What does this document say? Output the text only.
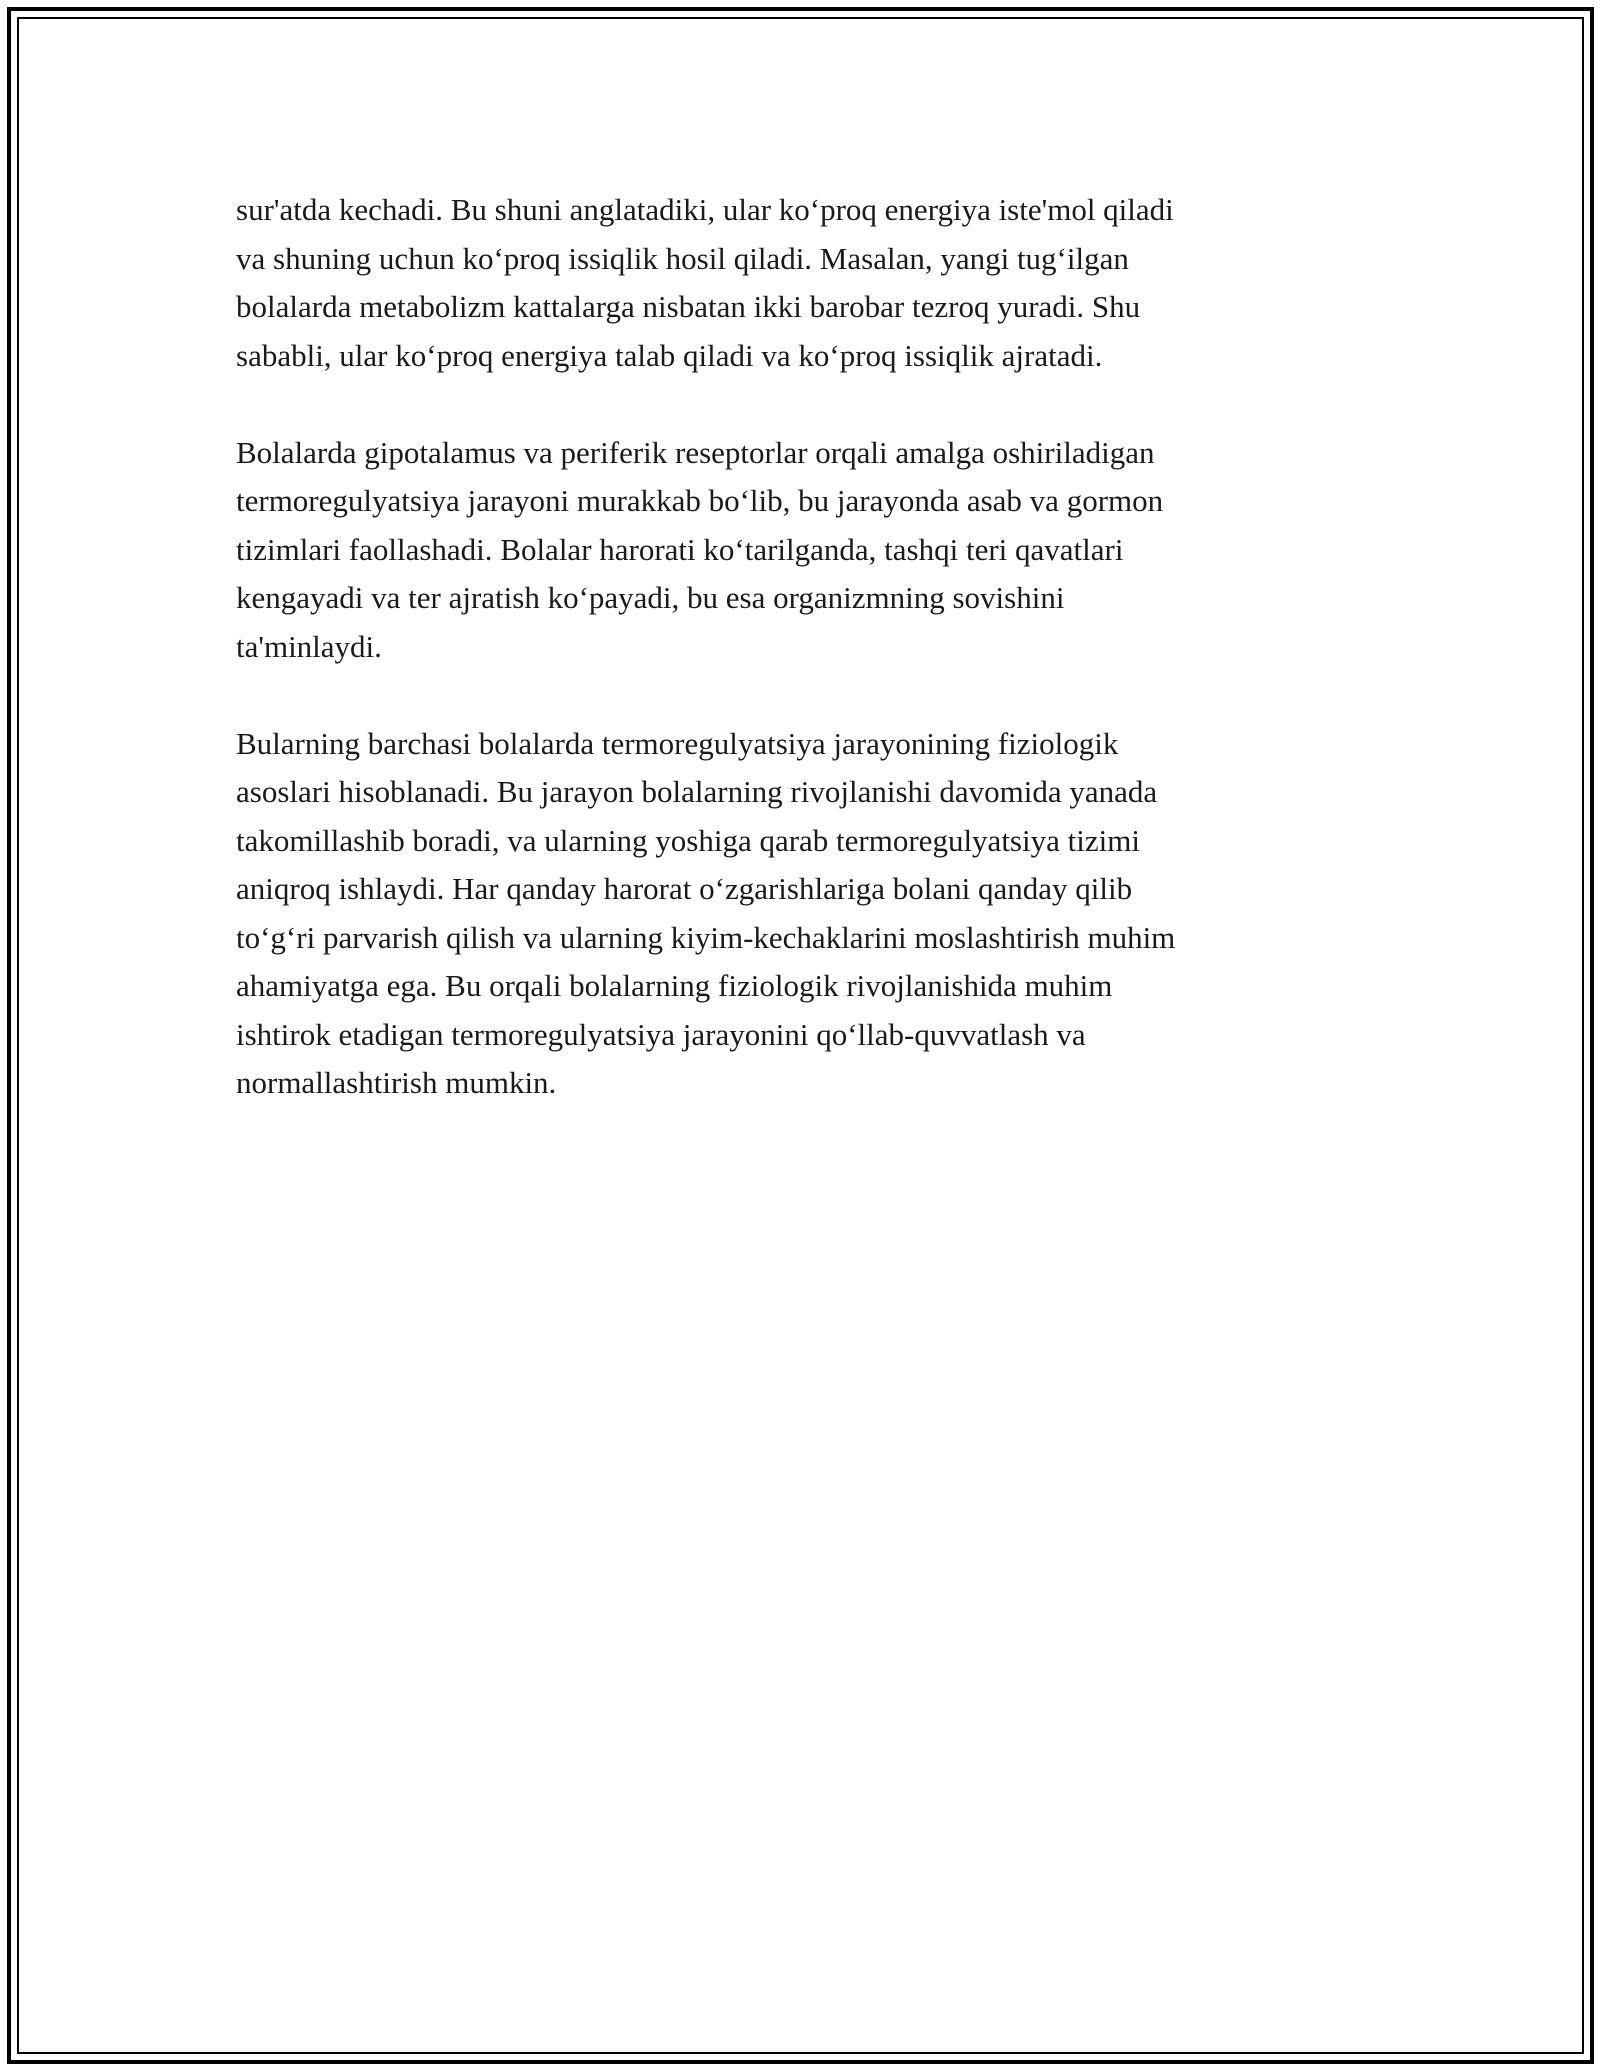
sur'atda kechadi. Bu shuni anglatadiki, ular ko‘proq energiya iste'mol qiladi
va shuning uchun ko‘proq issiqlik hosil qiladi. Masalan, yangi tug‘ilgan
bolalarda metabolizm kattalarga nisbatan ikki barobar tezroq yuradi. Shu
sababli, ular ko‘proq energiya talab qiladi va ko‘proq issiqlik ajratadi.

Bolalarda gipotalamus va periferik reseptorlar orqali amalga oshiriladigan
termoregulyatsiya jarayoni murakkab bo‘lib, bu jarayonda asab va gormon
tizimlari faollashadi. Bolalar harorati ko‘tarilganda, tashqi teri qavatlari
kengayadi va ter ajratish ko‘payadi, bu esa organizmning sovishini
ta'minlaydi.

Bularning barchasi bolalarda termoregulyatsiya jarayonining fiziologik
asoslari hisoblanadi. Bu jarayon bolalarning rivojlanishi davomida yanada
takomillashib boradi, va ularning yoshiga qarab termoregulyatsiya tizimi
aniqroq ishlaydi. Har qanday harorat o‘zgarishlariga bolani qanday qilib
to‘g‘ri parvarish qilish va ularning kiyim-kechaklarini moslashtirish muhim
ahamiyatga ega. Bu orqali bolalarning fiziologik rivojlanishida muhim
ishtirok etadigan termoregulyatsiya jarayonini qo‘llab-quvvatlash va
normallashtirish mumkin.
